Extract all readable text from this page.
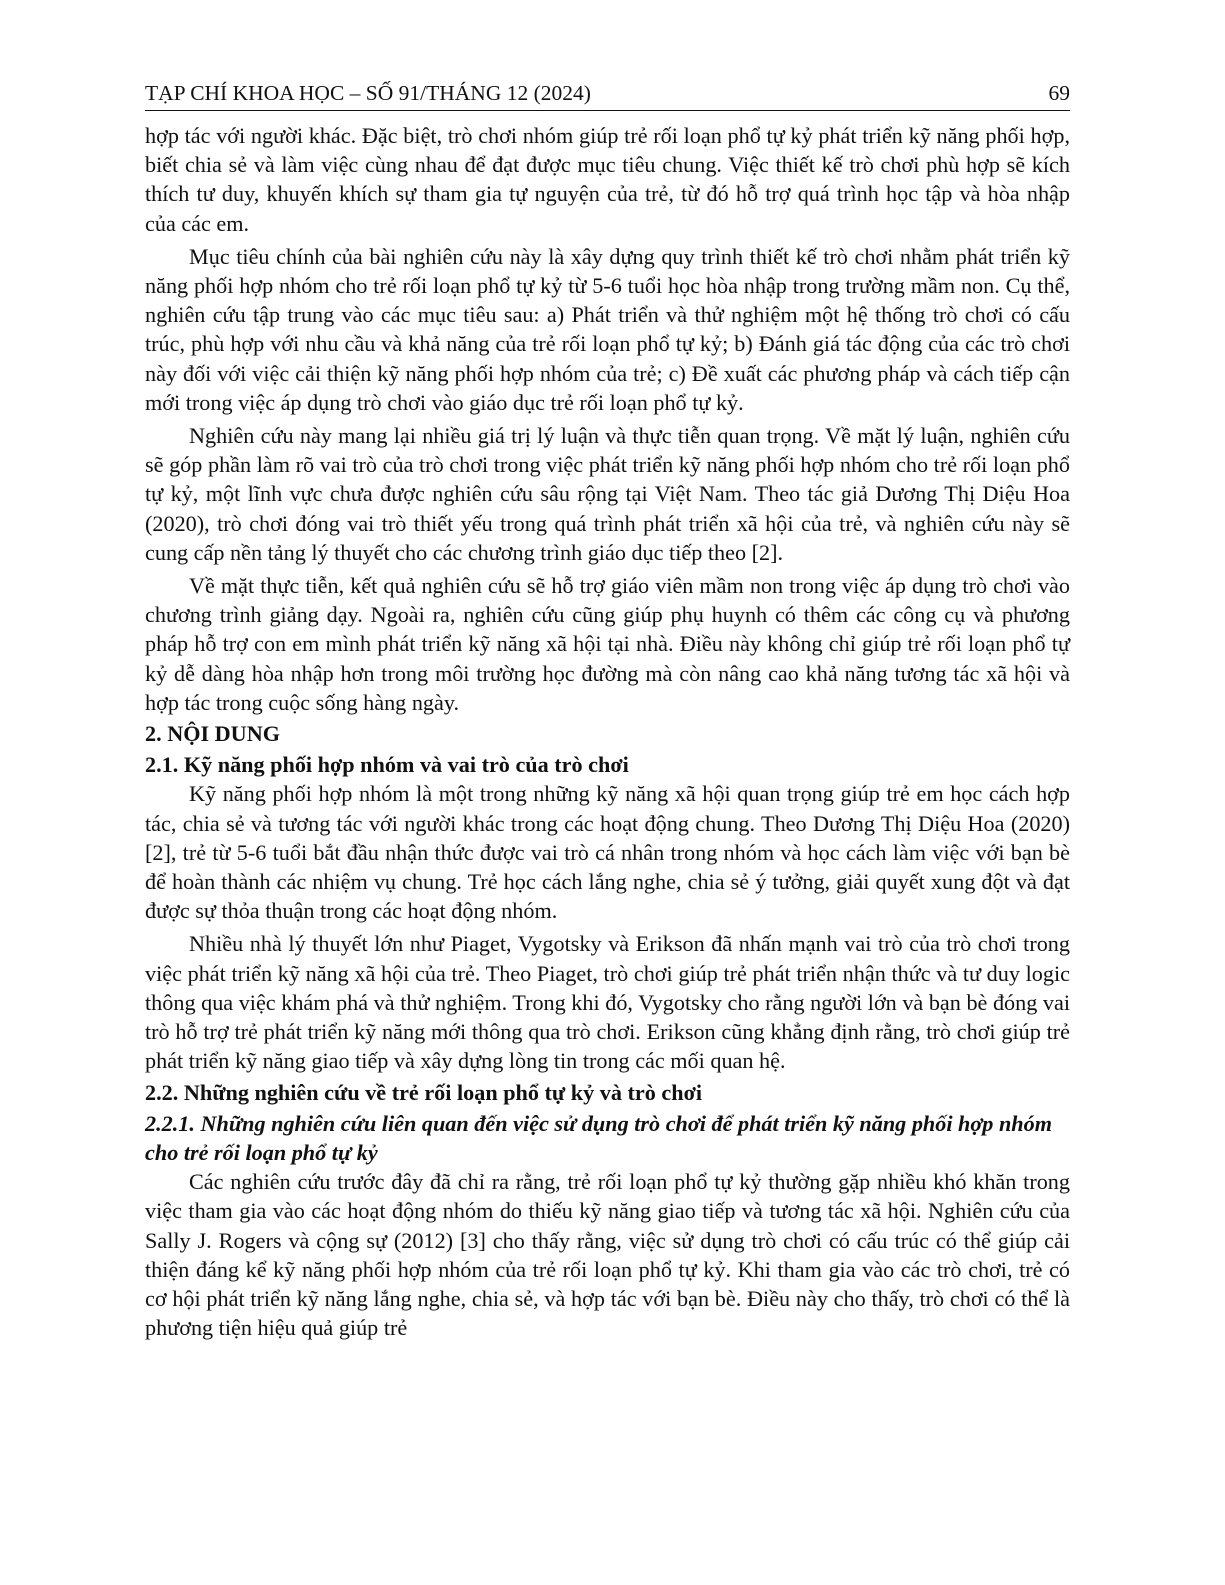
TẠP CHÍ KHOA HỌC – SỐ 91/THÁNG 12 (2024)	69

hợp tác với người khác. Đặc biệt, trò chơi nhóm giúp trẻ rối loạn phổ tự kỷ phát triển kỹ năng phối hợp, biết chia sẻ và làm việc cùng nhau để đạt được mục tiêu chung. Việc thiết kế trò chơi phù hợp sẽ kích thích tư duy, khuyến khích sự tham gia tự nguyện của trẻ, từ đó hỗ trợ quá trình học tập và hòa nhập của các em.

Mục tiêu chính của bài nghiên cứu này là xây dựng quy trình thiết kế trò chơi nhằm phát triển kỹ năng phối hợp nhóm cho trẻ rối loạn phổ tự kỷ từ 5-6 tuổi học hòa nhập trong trường mầm non. Cụ thể, nghiên cứu tập trung vào các mục tiêu sau: a) Phát triển và thử nghiệm một hệ thống trò chơi có cấu trúc, phù hợp với nhu cầu và khả năng của trẻ rối loạn phổ tự kỷ; b) Đánh giá tác động của các trò chơi này đối với việc cải thiện kỹ năng phối hợp nhóm của trẻ; c) Đề xuất các phương pháp và cách tiếp cận mới trong việc áp dụng trò chơi vào giáo dục trẻ rối loạn phổ tự kỷ.

Nghiên cứu này mang lại nhiều giá trị lý luận và thực tiễn quan trọng. Về mặt lý luận, nghiên cứu sẽ góp phần làm rõ vai trò của trò chơi trong việc phát triển kỹ năng phối hợp nhóm cho trẻ rối loạn phổ tự kỷ, một lĩnh vực chưa được nghiên cứu sâu rộng tại Việt Nam. Theo tác giả Dương Thị Diệu Hoa (2020), trò chơi đóng vai trò thiết yếu trong quá trình phát triển xã hội của trẻ, và nghiên cứu này sẽ cung cấp nền tảng lý thuyết cho các chương trình giáo dục tiếp theo [2].

Về mặt thực tiễn, kết quả nghiên cứu sẽ hỗ trợ giáo viên mầm non trong việc áp dụng trò chơi vào chương trình giảng dạy. Ngoài ra, nghiên cứu cũng giúp phụ huynh có thêm các công cụ và phương pháp hỗ trợ con em mình phát triển kỹ năng xã hội tại nhà. Điều này không chỉ giúp trẻ rối loạn phổ tự kỷ dễ dàng hòa nhập hơn trong môi trường học đường mà còn nâng cao khả năng tương tác xã hội và hợp tác trong cuộc sống hàng ngày.

2. NỘI DUNG
2.1. Kỹ năng phối hợp nhóm và vai trò của trò chơi

Kỹ năng phối hợp nhóm là một trong những kỹ năng xã hội quan trọng giúp trẻ em học cách hợp tác, chia sẻ và tương tác với người khác trong các hoạt động chung. Theo Dương Thị Diệu Hoa (2020) [2], trẻ từ 5-6 tuổi bắt đầu nhận thức được vai trò cá nhân trong nhóm và học cách làm việc với bạn bè để hoàn thành các nhiệm vụ chung. Trẻ học cách lắng nghe, chia sẻ ý tưởng, giải quyết xung đột và đạt được sự thỏa thuận trong các hoạt động nhóm.

Nhiều nhà lý thuyết lớn như Piaget, Vygotsky và Erikson đã nhấn mạnh vai trò của trò chơi trong việc phát triển kỹ năng xã hội của trẻ. Theo Piaget, trò chơi giúp trẻ phát triển nhận thức và tư duy logic thông qua việc khám phá và thử nghiệm. Trong khi đó, Vygotsky cho rằng người lớn và bạn bè đóng vai trò hỗ trợ trẻ phát triển kỹ năng mới thông qua trò chơi. Erikson cũng khẳng định rằng, trò chơi giúp trẻ phát triển kỹ năng giao tiếp và xây dựng lòng tin trong các mối quan hệ.

2.2. Những nghiên cứu về trẻ rối loạn phổ tự kỷ và trò chơi
2.2.1. Những nghiên cứu liên quan đến việc sử dụng trò chơi để phát triển kỹ năng phối hợp nhóm cho trẻ rối loạn phổ tự kỷ

Các nghiên cứu trước đây đã chỉ ra rằng, trẻ rối loạn phổ tự kỷ thường gặp nhiều khó khăn trong việc tham gia vào các hoạt động nhóm do thiếu kỹ năng giao tiếp và tương tác xã hội. Nghiên cứu của Sally J. Rogers và cộng sự (2012) [3] cho thấy rằng, việc sử dụng trò chơi có cấu trúc có thể giúp cải thiện đáng kể kỹ năng phối hợp nhóm của trẻ rối loạn phổ tự kỷ. Khi tham gia vào các trò chơi, trẻ có cơ hội phát triển kỹ năng lắng nghe, chia sẻ, và hợp tác với bạn bè. Điều này cho thấy, trò chơi có thể là phương tiện hiệu quả giúp trẻ
